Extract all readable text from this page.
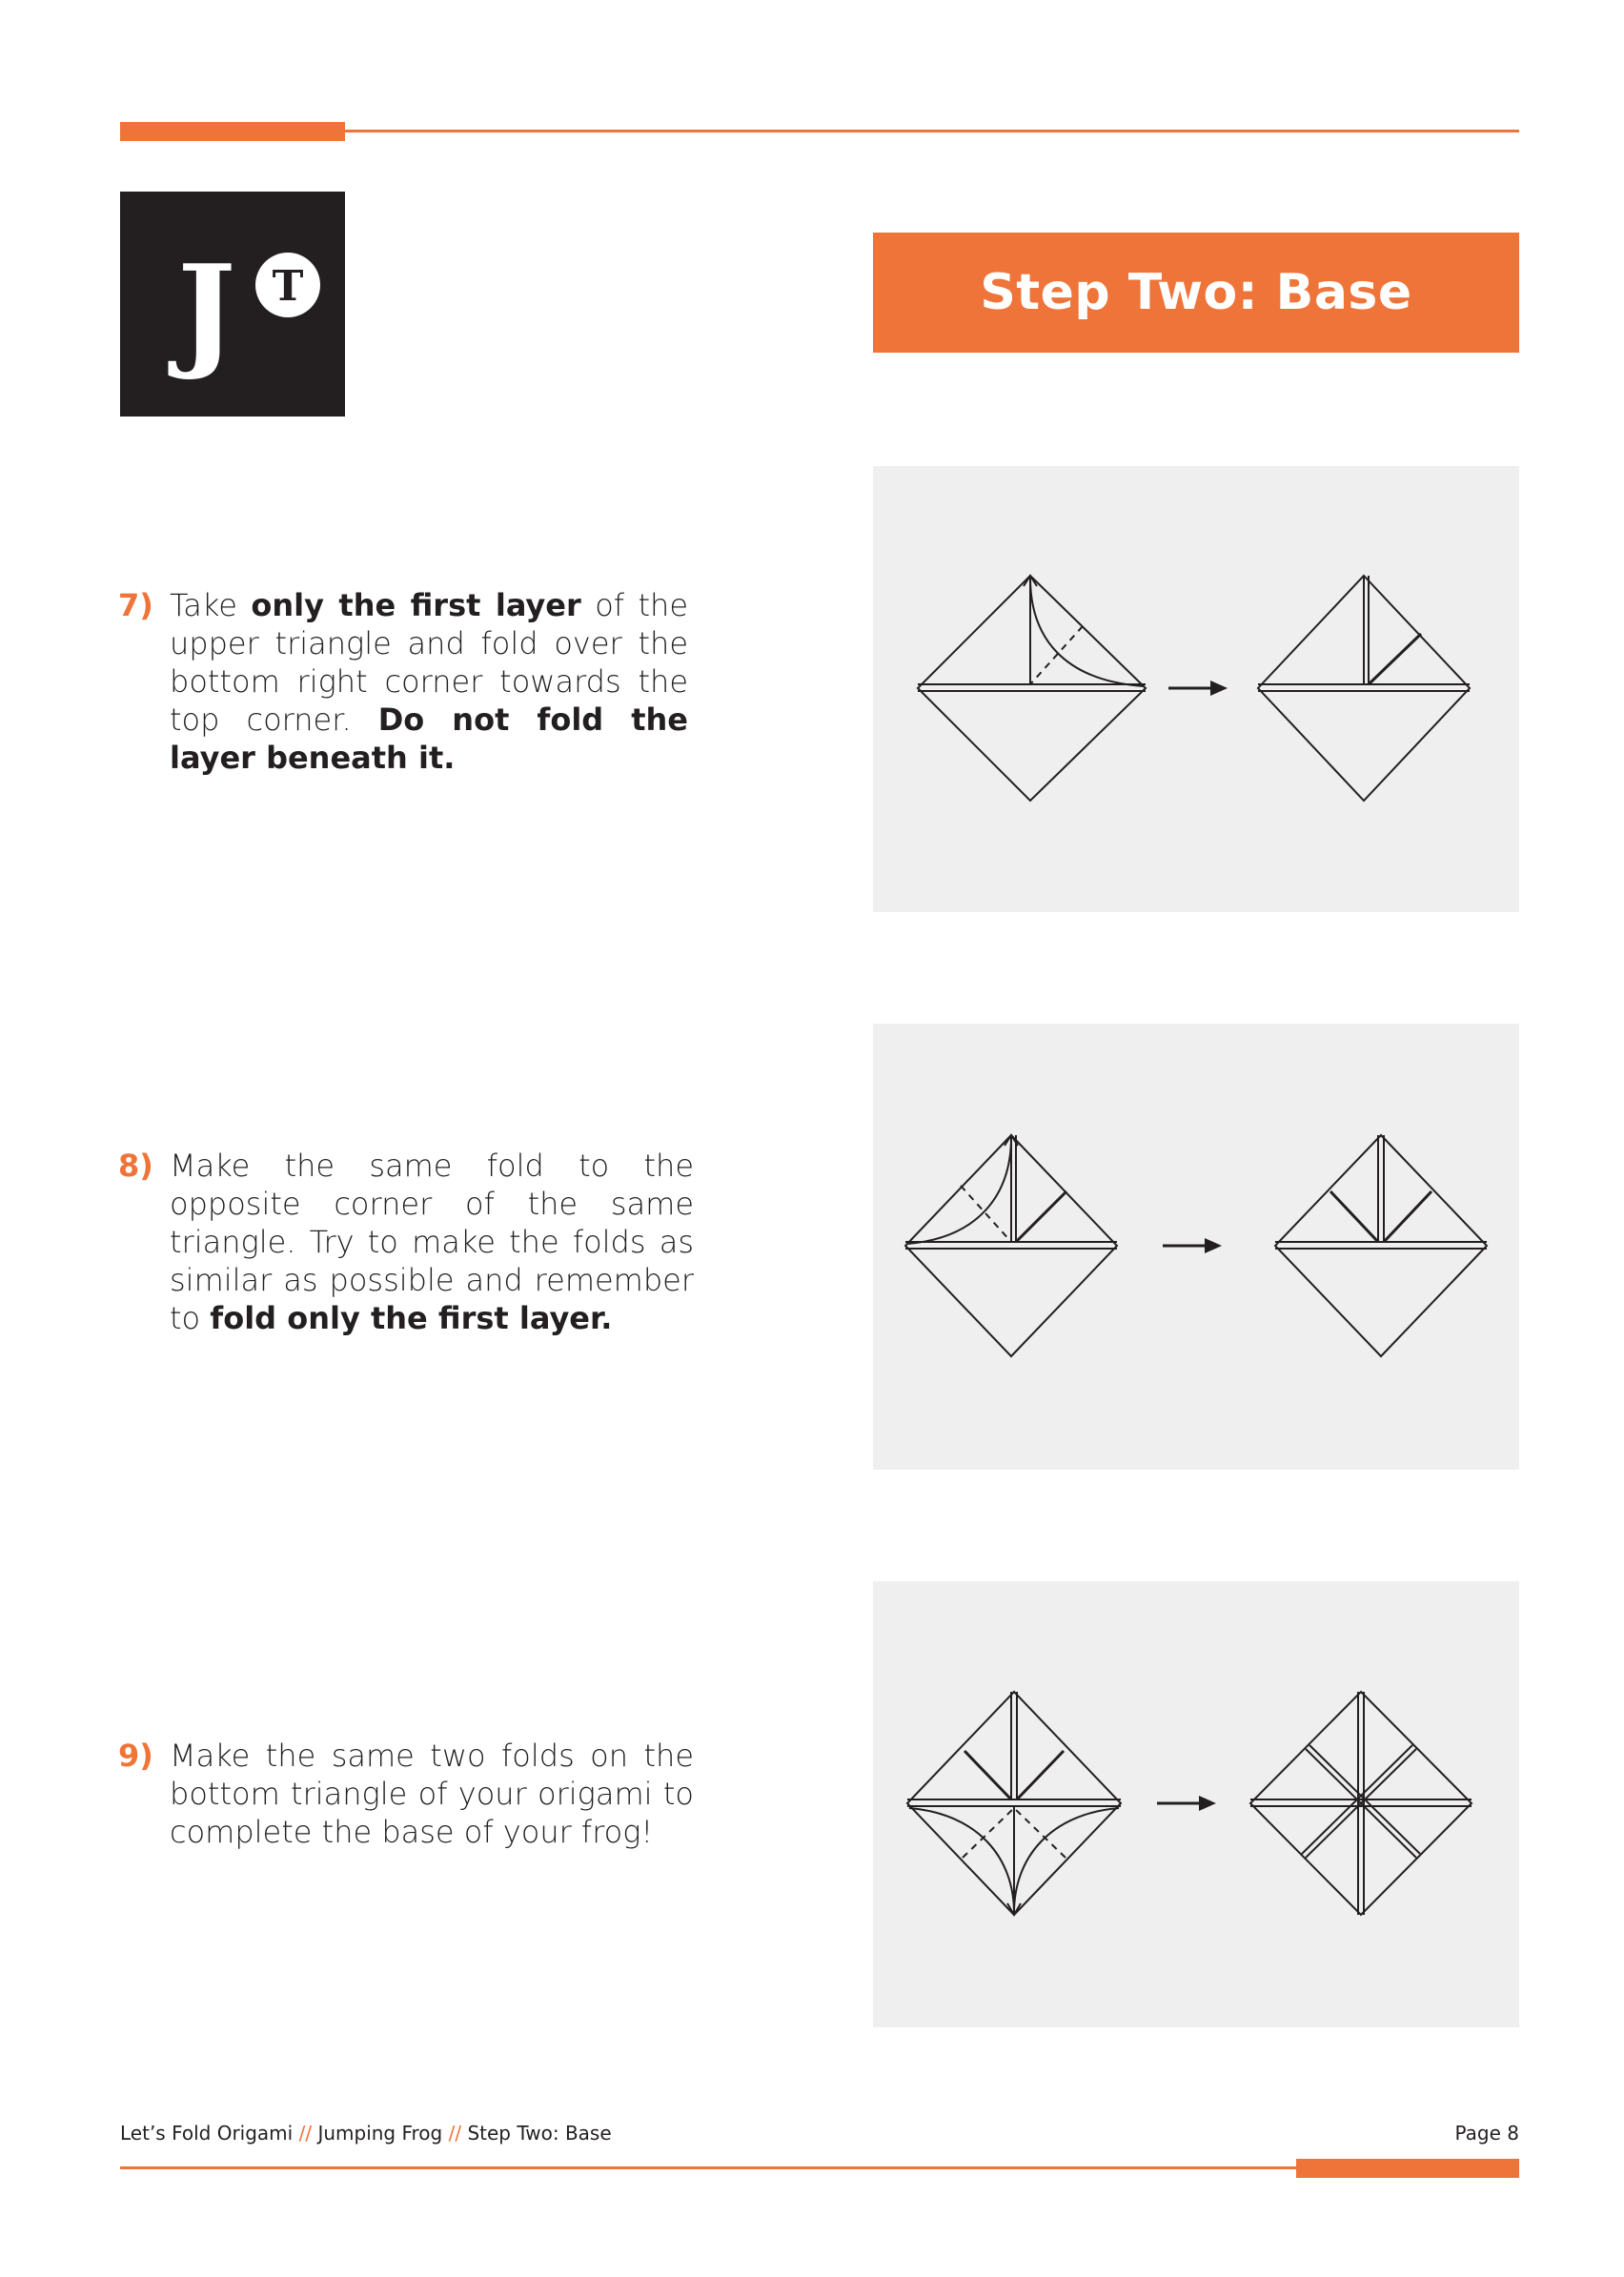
J T	Step Two: Base
7) Take only the first layer of the upper triangle and fold over the bottom right corner towards the top corner. Do not fold the layer beneath it.
8) Make the same fold to the opposite corner of the same triangle. Try to make the folds as similar as possible and remember to fold only the first layer.
9) Make the same two folds on the bottom triangle of your origami to complete the base of your frog!
Let’s Fold Origami // Jumping Frog // Step Two: Base	Page 8
